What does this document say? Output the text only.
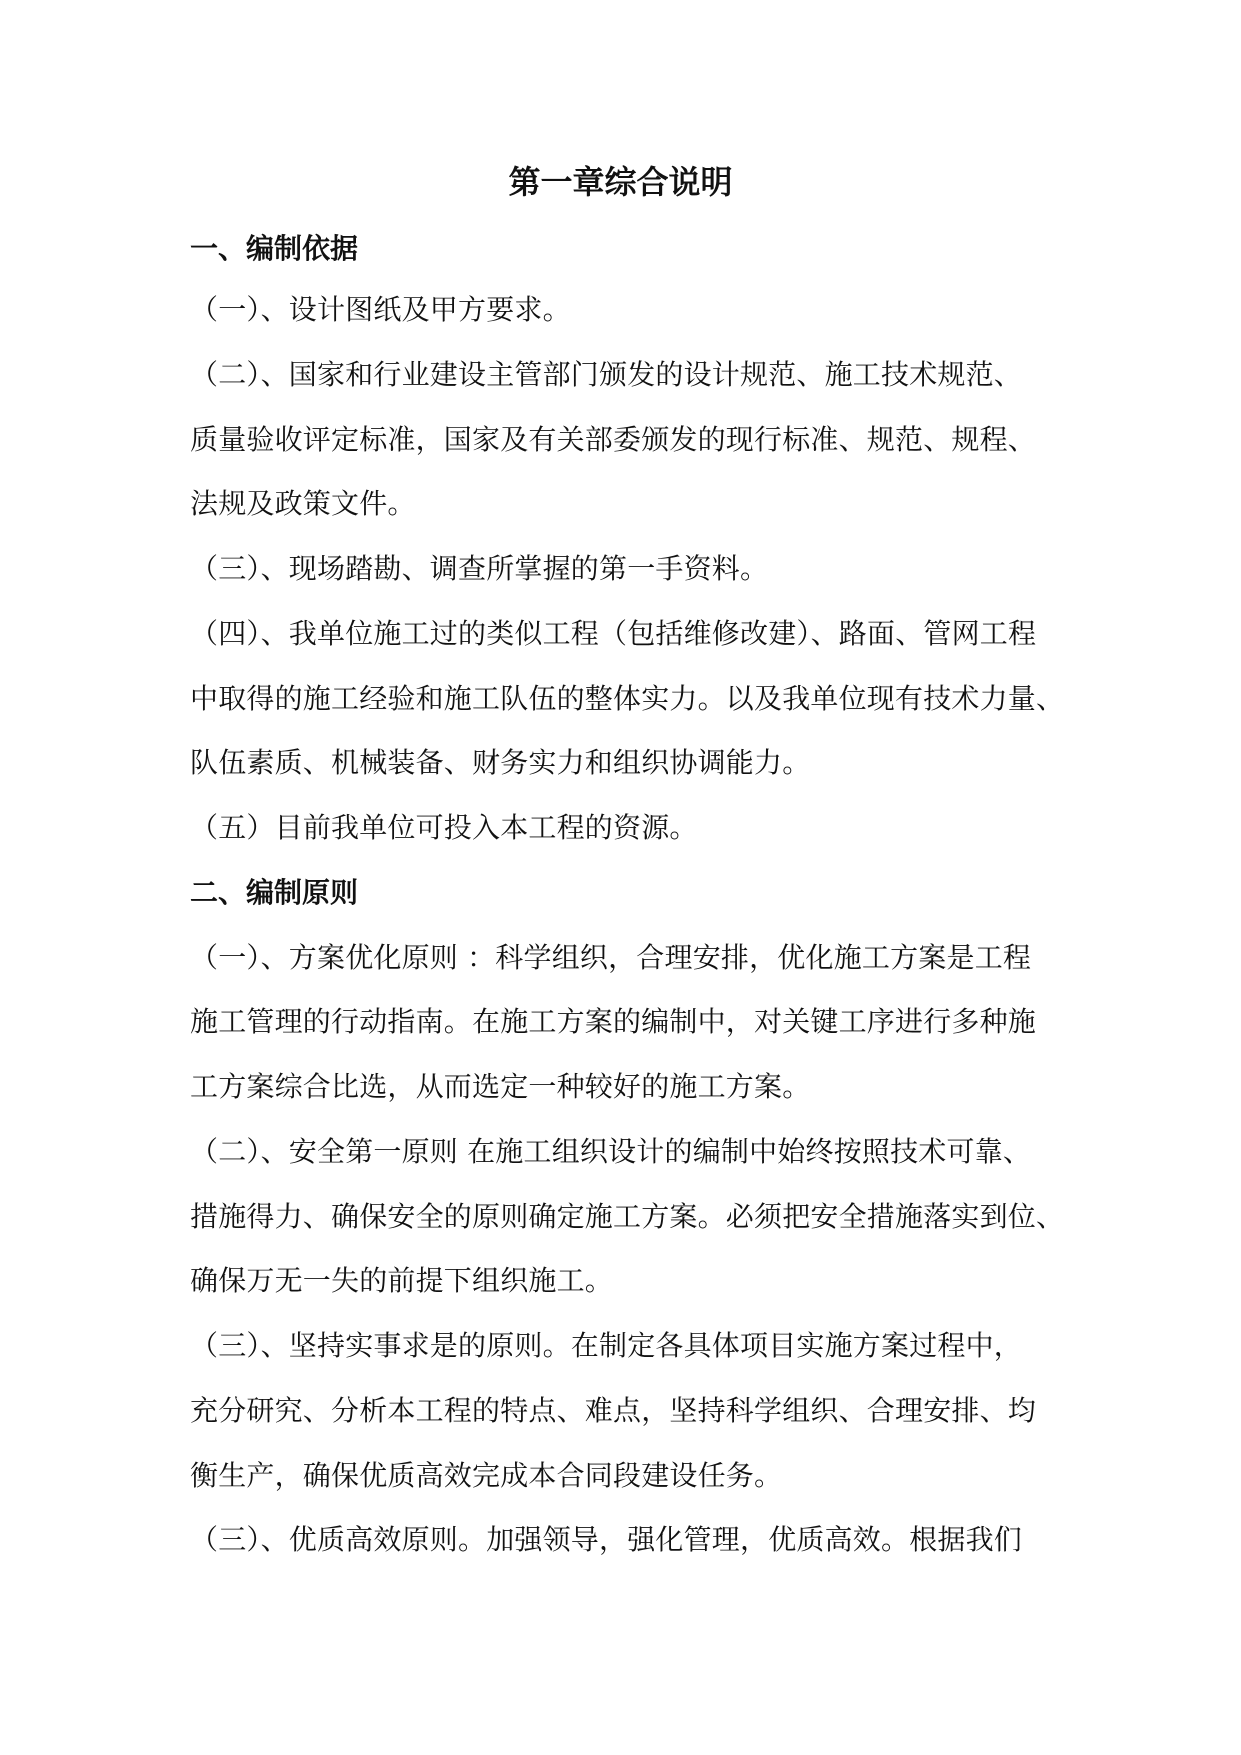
第一章综合说明
一、编制依据
（一）、设计图纸及甲方要求。
（二）、国家和行业建设主管部门颁发的设计规范、施工技术规范、
质量验收评定标准，国家及有关部委颁发的现行标准、规范、规程、
法规及政策文件。
（三）、现场踏勘、调查所掌握的第一手资料。
（四）、我单位施工过的类似工程（包括维修改建）、路面、管网工程
中取得的施工经验和施工队伍的整体实力。以及我单位现有技术力量、
队伍素质、机械装备、财务实力和组织协调能力。
（五）目前我单位可投入本工程的资源。
二、编制原则
（一）、方案优化原则 ：科学组织，合理安排，优化施工方案是工程
施工管理的行动指南。在施工方案的编制中，对关键工序进行多种施
工方案综合比选，从而选定一种较好的施工方案。
（二）、安全第一原则 在施工组织设计的编制中始终按照技术可靠、
措施得力、确保安全的原则确定施工方案。必须把安全措施落实到位、
确保万无一失的前提下组织施工。
（三）、坚持实事求是的原则。在制定各具体项目实施方案过程中，
充分研究、分析本工程的特点、难点，坚持科学组织、合理安排、均
衡生产，确保优质高效完成本合同段建设任务。
（三）、优质高效原则。加强领导，强化管理，优质高效。根据我们
